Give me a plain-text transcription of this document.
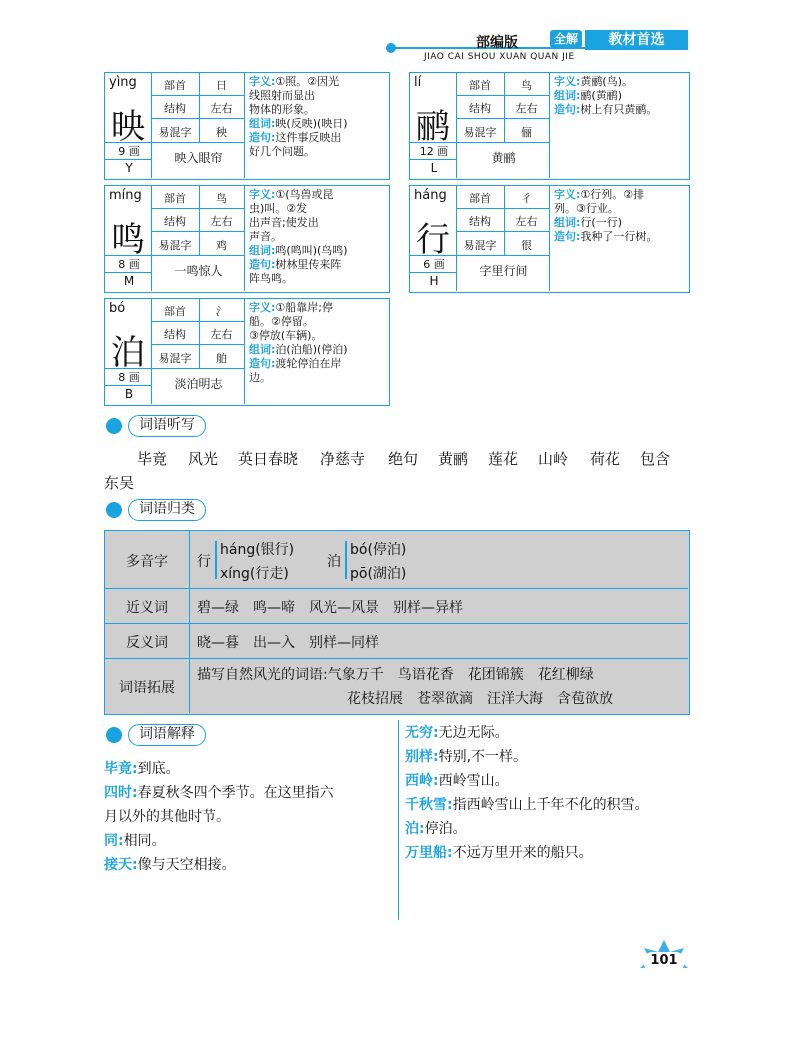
部编版	全解	教材首选
JIAO CAI SHOU XUAN QUAN JIE
yìng
映
9 画
Y
部首	日
结构	左右
易混字	秧
映入眼帘
字义:①照。②因光
线照射而显出
物体的形象。
组词:映(反映)(映日)
造句:这件事反映出
好几个问题。
lí
鹂
12 画
L
部首	鸟
结构	左右
易混字	俪
黄鹂
字义:黄鹂(鸟)。
组词:鹂(黄鹂)
造句:树上有只黄鹂。
míng
鸣
8 画
M
部首	鸟
结构	左右
易混字	鸡
一鸣惊人
字义:①(鸟兽或昆
虫)叫。②发
出声音;使发出
声音。
组词:鸣(鸣叫)(鸟鸣)
造句:树林里传来阵
阵鸟鸣。
háng
行
6 画
H
部首	彳
结构	左右
易混字	很
字里行间
字义:①行列。②排
列。③行业。
组词:行(一行)
造句:我种了一行树。
bó
泊
8 画
B
部首	氵
结构	左右
易混字	舶
淡泊明志
字义:①船靠岸;停
船。②停留。
③停放(车辆)。
组词:泊(泊船)(停泊)
造句:渡轮停泊在岸
边。
词语听写
毕竟 风光 英日春晓 净慈寺 绝句 黄鹂 莲花 山岭 荷花 包含
东吴
词语归类
多音字	行
háng(银行)
xíng(行走)
泊
bó(停泊)
pō(湖泊)
近义词	碧—绿　鸣—啼　风光—风景　别样—异样
反义词	晓—暮　出—入　别样—同样
词语拓展
描写自然风光的词语:气象万千　鸟语花香　花团锦簇　花红柳绿
花枝招展　苍翠欲滴　汪洋大海　含苞欲放
词语解释
毕竟:到底。
四时:春夏秋冬四个季节。在这里指六
月以外的其他时节。
同:相同。
接天:像与天空相接。
无穷:无边无际。
别样:特别,不一样。
西岭:西岭雪山。
千秋雪:指西岭雪山上千年不化的积雪。
泊:停泊。
万里船:不远万里开来的船只。
101
